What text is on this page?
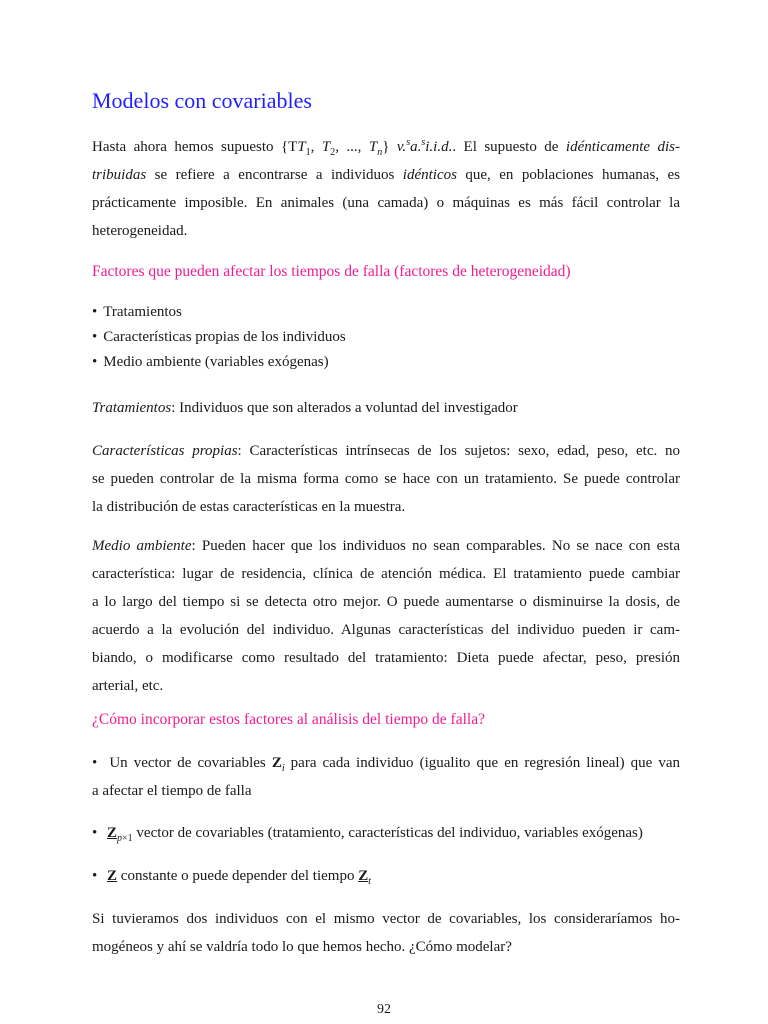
Modelos con covariables

Hasta ahora hemos supuesto {$TT_1$, $T_2$, ..., $T_n$} v.$^s$a.$^s$i.i.d.. El supuesto de idénticamente dis-

tribuidas se refiere a encontrarse a individuos idénticos que, en poblaciones humanas, es

prácticamente imposible. En animales (una camada) o máquinas es más fácil controlar la

heterogeneidad.

Factores que pueden afectar los tiempos de falla (factores de heterogeneidad)

• Tratamientos

• Características propias de los individuos

• Medio ambiente (variables exógenas)

Tratamientos: Individuos que son alterados a voluntad del investigador

Características propias: Características intrínsecas de los sujetos: sexo, edad, peso, etc. no

se pueden controlar de la misma forma como se hace con un tratamiento. Se puede controlar

la distribución de estas características en la muestra.

Medio ambiente: Pueden hacer que los individuos no sean comparables. No se nace con esta

característica: lugar de residencia, clínica de atención médica. El tratamiento puede cambiar

a lo largo del tiempo si se detecta otro mejor. O puede aumentarse o disminuirse la dosis, de

acuerdo a la evolución del individuo. Algunas características del individuo pueden ir cam-

biando, o modificarse como resultado del tratamiento: Dieta puede afectar, peso, presión

arterial, etc.

¿Cómo incorporar estos factores al análisis del tiempo de falla?

• Un vector de covariables $Z_i$ para cada individuo (igualito que en regresión lineal) que van

a afectar el tiempo de falla

• $Z_{p\times 1}$ vector de covariables (tratamiento, características del individuo, variables exógenas)

• Z constante o puede depender del tiempo $Z_t$

Si tuvieramos dos individuos con el mismo vector de covariables, los consideraríamos ho-

mogéneos y ahí se valdría todo lo que hemos hecho. ¿Cómo modelar?

92
